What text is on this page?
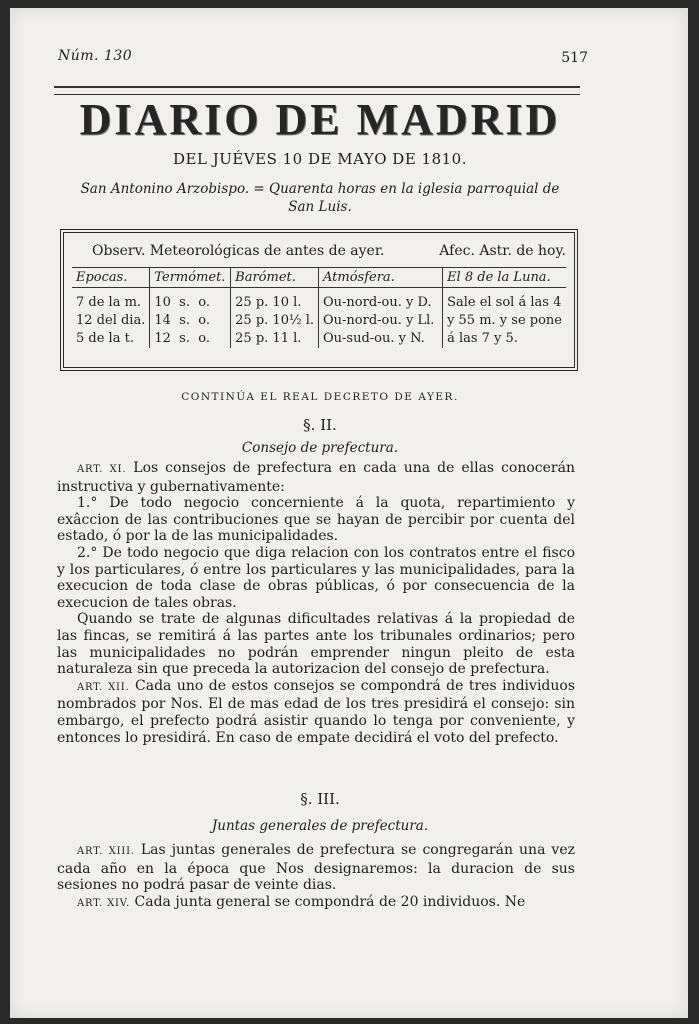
Núm. 130	517
DIARIO DE MADRID
DEL JUÉVES 10 DE MAYO DE 1810.
San Antonino Arzobispo. = Quarenta horas en la iglesia parroquial de San Luis.
Observ. Meteorológicas de antes de ayer.	Afec. Astr. de hoy.
Epocas.	Termómet.	Barómet.	Atmósfera.	El 8 de la Luna.
7 de la m.	10 s. o.	25 p. 10 l.	Ou-nord-ou. y D.	Sale el sol á las 4
12 del dia.	14 s. o.	25 p. 10½ l.	Ou-nord-ou. y Ll.	y 55 m. y se pone
5 de la t.	12 s. o.	25 p. 11 l.	Ou-sud-ou. y N.	á las 7 y 5.
CONTINÚA EL REAL DECRETO DE AYER.
§. II.
Consejo de prefectura.

ART. XI. Los consejos de prefectura en cada una de ellas conocerán instructiva y gubernativamente:

1.° De todo negocio concerniente á la quota, repartimiento y exâccion de las contribuciones que se hayan de percibir por cuenta del estado, ó por la de las municipalidades.

2.° De todo negocio que diga relacion con los contratos entre el fisco y los particulares, ó entre los particulares y las municipalidades, para la execucion de toda clase de obras públicas, ó por consecuencia de la execucion de tales obras.

Quando se trate de algunas dificultades relativas á la propiedad de las fincas, se remitirá á las partes ante los tribunales ordinarios; pero las municipalidades no podrán emprender ningun pleito de esta naturaleza sin que preceda la autorizacion del consejo de prefectura.

ART. XII. Cada uno de estos consejos se compondrá de tres individuos nombrados por Nos. El de mas edad de los tres presidirá el consejo: sin embargo, el prefecto podrá asistir quando lo tenga por conveniente, y entonces lo presidirá. En caso de empate decidirá el voto del prefecto.

§. III.
Juntas generales de prefectura.

ART. XIII. Las juntas generales de prefectura se congregarán una vez cada año en la época que Nos designaremos: la duracion de sus sesiones no podrá pasar de veinte dias.

ART. XIV. Cada junta general se compondrá de 20 individuos. Ne
